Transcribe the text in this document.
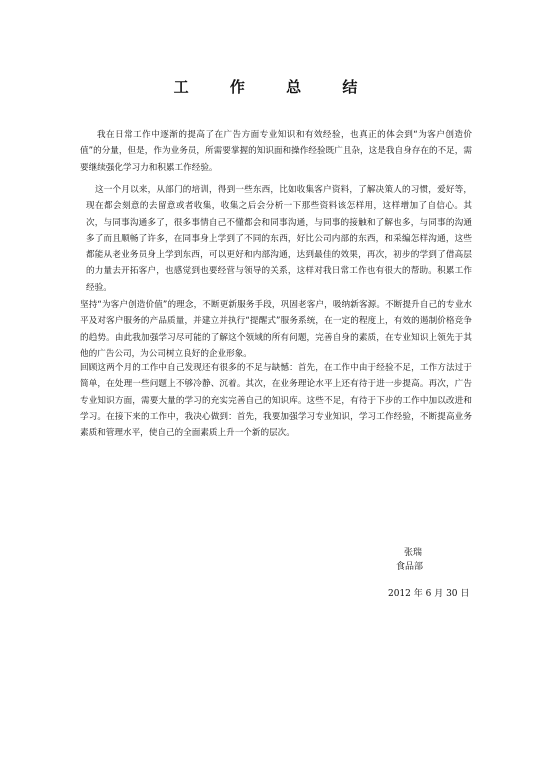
工 作 总 结

我在日常工作中逐渐的提高了在广告方面专业知识和有效经验，也真正的体会到“为客户创造价值”的分量，但是，作为业务员，所需要掌握的知识面和操作经验既广且杂，这是我自身存在的不足，需要继续强化学习力和积累工作经验。

这一个月以来，从部门的培训，得到一些东西，比如收集客户资料，了解决策人的习惯，爱好等，现在都会刻意的去留意或者收集，收集之后会分析一下那些资料该怎样用，这样增加了自信心。其次，与同事沟通多了，很多事情自己不懂都会和同事沟通，与同事的接触和了解也多，与同事的沟通多了而且顺畅了许多，在同事身上学到了不同的东西，好比公司内部的东西，和采编怎样沟通，这些都能从老业务员身上学到东西，可以更好和内部沟通，达到最佳的效果，再次，初步的学到了借高层的力量去开拓客户，也感觉到也要经营与领导的关系，这样对我日常工作也有很大的帮助。积累工作经验。

坚持“为客户创造价值”的理念，不断更新服务手段，巩固老客户，吸纳新客源。不断提升自己的专业水平及对客户服务的产品质量，并建立并执行“提醒式”服务系统，在一定的程度上，有效的遏制价格竞争的趋势。由此我加强学习尽可能的了解这个领域的所有问题，完善自身的素质，在专业知识上领先于其他的广告公司，为公司树立良好的企业形象。

回顾这两个月的工作中自己发现还有很多的不足与缺憾：首先，在工作中由于经验不足，工作方法过于简单，在处理一些问题上不够冷静、沉着。其次，在业务理论水平上还有待于进一步提高。再次，广告专业知识方面，需要大量的学习的充实完善自己的知识库。这些不足，有待于下步的工作中加以改进和学习。在接下来的工作中，我决心做到：首先，我要加强学习专业知识，学习工作经验，不断提高业务素质和管理水平，使自己的全面素质上升一个新的层次。

张瑞
食品部
2012 年 6 月 30 日
